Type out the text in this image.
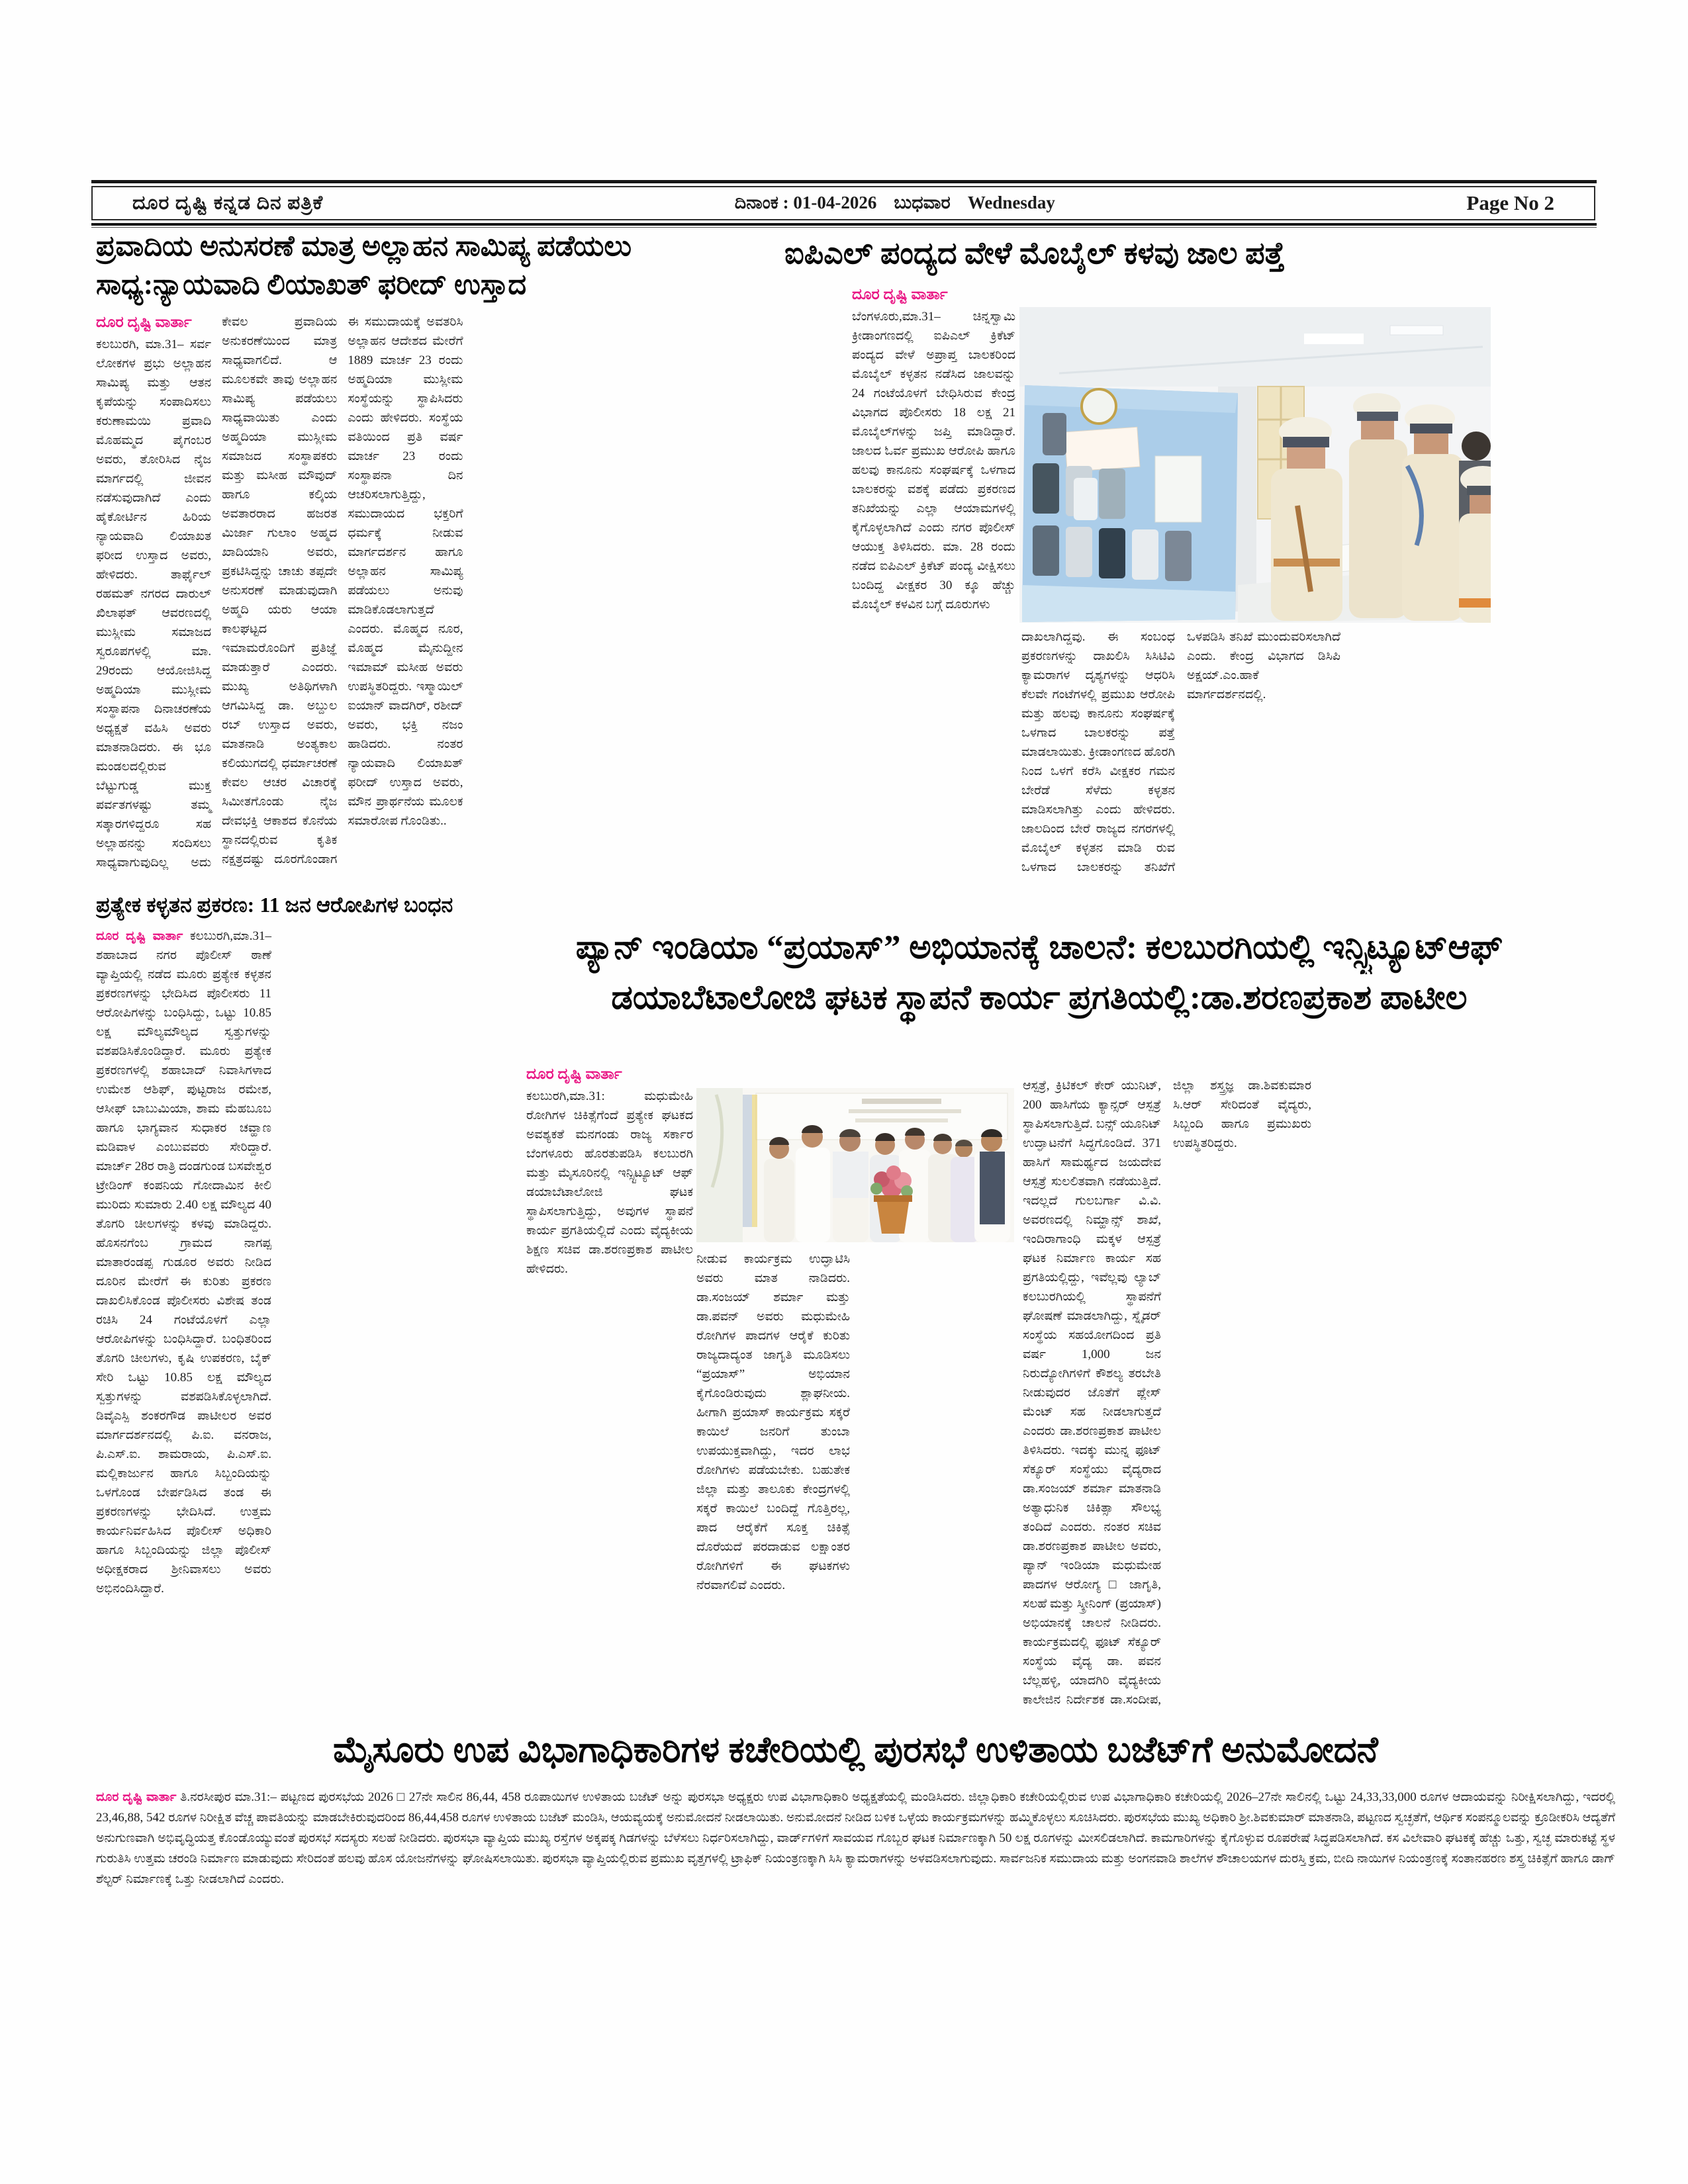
ದೂರ ದೃಷ್ಟಿ ಕನ್ನಡ ದಿನ ಪತ್ರಿಕೆ	ದಿನಾಂಕ : 01-04-2026 ಬುಧವಾರ Wednesday	Page No 2
ಪ್ರವಾದಿಯ ಅನುಸರಣೆ ಮಾತ್ರ ಅಲ್ಲಾಹನ ಸಾಮಿಪ್ಯ ಪಡೆಯಲು
ಸಾಧ್ಯ:ನ್ಯಾಯವಾದಿ ಲಿಯಾಖತ್ ಫರೀದ್ ಉಸ್ತಾದ
ದೂರ ದೃಷ್ಟಿ ವಾರ್ತಾ

ಕಲಬುರಗಿ, ಮಾ.31– ಸರ್ವ ಲೋಕಗಳ ಪ್ರಭು ಅಲ್ಲಾಹನ ಸಾಮಿಪ್ಯ ಮತ್ತು ಆತನ ಕೃಪೆಯನ್ನು ಸಂಪಾದಿಸಲು ಕರುಣಾಮಯಿ ಪ್ರವಾದಿ ಮೊಹಮ್ಮದ ಪೈಗಂಬರ ಅವರು, ತೋರಿಸಿದ ನೈಜ ಮಾರ್ಗದಲ್ಲಿ ಜೀವನ ನಡೆಸುವುದಾಗಿದೆ ಎಂದು ಹೈಕೋರ್ಟಿನ ಹಿರಿಯ ನ್ಯಾಯವಾದಿ ಲಿಯಾಖತ ಫರೀದ ಉಸ್ತಾದ ಅವರು, ಹೇಳಿದರು. ತಾರ್ಫೈಲ್ ರಹಮತ್ ನಗರದ ದಾರುಲ್ ಖಿಲಾಫತ್ ಆವರಣದಲ್ಲಿ ಮುಸ್ಲೀಮ ಸಮಾಜದ ಸ್ವರೂಪಗಳಲ್ಲಿ ಮಾ. 29ರಂದು ಆಯೋಜಿಸಿದ್ದ ಅಹ್ಮದಿಯಾ ಮುಸ್ಲೀಮ ಸಂಸ್ಥಾಪನಾ ದಿನಾಚರಣೆಯ ಅಧ್ಯಕ್ಷತೆ ವಹಿಸಿ ಅವರು ಮಾತನಾಡಿದರು. ಈ ಭೂ ಮಂಡಲದಲ್ಲಿರುವ ಬೆಟ್ಟುಗುಡ್ಡ ಮುಕ್ತ ಪರ್ವತಗಳಷ್ಟು ತಮ್ಮ ಸತ್ಕಾರಗಳಿದ್ದರೂ ಸಹ ಅಲ್ಲಾಹನನ್ನು ಸಂದಿಸಲು ಸಾಧ್ಯವಾಗುವುದಿಲ್ಲ ಅದು ಕೇವಲ ಪ್ರವಾದಿಯ ಅನುಕರಣೆಯಿಂದ ಮಾತ್ರ ಸಾಧ್ಯವಾಗಲಿದೆ. ಆ ಮೂಲಕವೇ ತಾವು ಅಲ್ಲಾಹನ ಸಾಮಿಪ್ಯ ಪಡೆಯಲು ಸಾಧ್ಯವಾಯಿತು ಎಂದು ಅಹ್ಮದಿಯಾ ಮುಸ್ಲೀಮ ಸಮಾಜದ ಸಂಸ್ಥಾಪಕರು ಮತ್ತು ಮಸೀಹ ಮೌವುದ್ ಹಾಗೂ ಕಲ್ಕಿಯ ಅವತಾರರಾದ ಹಜರತ ಮಿರ್ಜಾ ಗುಲಾಂ ಅಹ್ಮದ ಖಾದಿಯಾನಿ ಅವರು, ಪ್ರಕಟಿಸಿದ್ದನ್ನು ಚಾಚು ತಪ್ಪದೇ ಅನುಸರಣೆ ಮಾಡುವುದಾಗಿ ಅಹ್ಮದಿ ಯರು ಆಯಾ ಕಾಲಘಟ್ಟದ ಇಮಾಮರೊಂದಿಗೆ ಪ್ರತಿಜ್ಞೆ ಮಾಡುತ್ತಾರೆ ಎಂದರು. ಮುಖ್ಯ ಅತಿಥಿಗಳಾಗಿ ಆಗಮಿಸಿದ್ದ ಡಾ. ಅಬ್ದುಲ ರಬ್ ಉಸ್ತಾದ ಅವರು, ಮಾತನಾಡಿ ಅಂತ್ಯಕಾಲ ಕಲಿಯುಗದಲ್ಲಿ ಧರ್ಮಾಚರಣೆ ಕೇವಲ ಆಚರ ವಿಚಾರಕ್ಕೆ ಸಿಮೀತಗೊಂಡು ನೈಜ ದೇವಭಕ್ತಿ ಆಕಾಶದ ಕೊನೆಯ ಸ್ಥಾನದಲ್ಲಿರುವ ಕೃತಿಕ ನಕ್ಷತ್ರದಷ್ಟು ದೂರಗೊಂಡಾಗ ಈ ಸಮುದಾಯಕ್ಕೆ ಅವತರಿಸಿ ಅಲ್ಲಾಹನ ಆದೇಶದ ಮೇರೆಗೆ 1889 ಮಾರ್ಚ 23 ರಂದು ಅಹ್ಮದಿಯಾ ಮುಸ್ಲೀಮ ಸಂಸ್ಥೆಯನ್ನು ಸ್ಥಾಪಿಸಿದರು ಎಂದು ಹೇಳಿದರು. ಸಂಸ್ಥೆಯ ವತಿಯಿಂದ ಪ್ರತಿ ವರ್ಷ ಮಾರ್ಚ 23 ರಂದು ಸಂಸ್ಥಾಪನಾ ದಿನ ಆಚರಿಸಲಾಗುತ್ತಿದ್ದು, ಸಮುದಾಯದ ಭಕ್ತರಿಗೆ ಧರ್ಮಕ್ಕೆ ನೀಡುವ ಮಾರ್ಗದರ್ಶನ ಹಾಗೂ ಅಲ್ಲಾಹನ ಸಾಮಿಪ್ಯ ಪಡೆಯಲು ಅನುವು ಮಾಡಿಕೊಡಲಾಗುತ್ತದೆ ಎಂದರು. ಮೊಹ್ಮದ ನೂರ, ಮೊಹ್ಮದ ಮೈನುದ್ದೀನ ಇಮಾಮ್ ಮಸೀಹ ಅವರು ಉಪಸ್ಥಿತರಿದ್ದರು. ಇಸ್ಮಾಯಿಲ್ ಐಯಾನ್ ವಾದಗಿರ್, ರಶೀದ್ ಅವರು, ಭಕ್ತಿ ನಜಂ ಹಾಡಿದರು. ನಂತರ ನ್ಯಾಯವಾದಿ ಲಿಯಾಖತ್ ಫರೀದ್ ಉಸ್ತಾದ ಅವರು, ಮೌನ ಪ್ರಾರ್ಥನೆಯ ಮೂಲಕ ಸಮಾರೋಪ ಗೊಂಡಿತು..

ಐಪಿಎಲ್ ಪಂದ್ಯದ ವೇಳೆ ಮೊಬೈಲ್ ಕಳವು ಜಾಲ ಪತ್ತೆ
ದೂರ ದೃಷ್ಟಿ ವಾರ್ತಾ

ಬೆಂಗಳೂರು,ಮಾ.31– ಚಿನ್ನಸ್ವಾಮಿ ಕ್ರೀಡಾಂಗಣದಲ್ಲಿ ಐಪಿಎಲ್ ಕ್ರಿಕೆಟ್ ಪಂದ್ಯದ ವೇಳೆ ಅಪ್ರಾಪ್ತ ಬಾಲಕರಿಂದ ಮೊಬೈಲ್ ಕಳ್ಳತನ ನಡೆಸಿದ ಜಾಲವನ್ನು 24 ಗಂಟೆಯೊಳಗೆ ಬೇಧಿಸಿರುವ ಕೇಂದ್ರ ವಿಭಾಗದ ಪೊಲೀಸರು 18 ಲಕ್ಷ 21 ಮೊಬೈಲ್‌ಗಳನ್ನು ಜಪ್ತಿ ಮಾಡಿದ್ದಾರೆ. ಜಾಲದ ಓರ್ವ ಪ್ರಮುಖ ಆರೋಪಿ ಹಾಗೂ ಹಲವು ಕಾನೂನು ಸಂಘರ್ಷಕ್ಕೆ ಒಳಗಾದ ಬಾಲಕರನ್ನು ವಶಕ್ಕೆ ಪಡೆದು ಪ್ರಕರಣದ ತನಿಖೆಯನ್ನು ಎಲ್ಲಾ ಆಯಾಮಗಳಲ್ಲಿ ಕೈಗೊಳ್ಳಲಾಗಿದೆ ಎಂದು ನಗರ ಪೊಲೀಸ್ ಆಯುಕ್ತ ತಿಳಿಸಿದರು. ಮಾ. 28 ರಂದು ನಡೆದ ಐಪಿಎಲ್ ಕ್ರಿಕೆಟ್ ಪಂದ್ಯ ವೀಕ್ಷಿಸಲು ಬಂದಿದ್ದ ವೀಕ್ಷಕರ 30 ಕ್ಕೂ ಹೆಚ್ಚು ಮೊಬೈಲ್ ಕಳವಿನ ಬಗ್ಗೆ ದೂರುಗಳು

ದಾಖಲಾಗಿದ್ದವು. ಈ ಸಂಬಂಧ ಪ್ರಕರಣಗಳನ್ನು ದಾಖಲಿಸಿ ಸಿಸಿಟಿವಿ ಕ್ಯಾಮರಾಗಳ ದೃಶ್ಯಗಳನ್ನು ಆಧರಿಸಿ ಕೆಲವೇ ಗಂಟೆಗಳಲ್ಲಿ ಪ್ರಮುಖ ಆರೋಪಿ ಮತ್ತು ಹಲವು ಕಾನೂನು ಸಂಘರ್ಷಕ್ಕೆ ಒಳಗಾದ ಬಾಲಕರನ್ನು ಪತ್ತೆ ಮಾಡಲಾಯಿತು. ಕ್ರೀಡಾಂಗಣದ ಹೊರಗಿ ನಿಂದ ಒಳಗೆ ಕರೆಸಿ ವೀಕ್ಷಕರ ಗಮನ ಬೇರೆಡೆ ಸೆಳೆದು ಕಳ್ಳತನ ಮಾಡಿಸಲಾಗಿತ್ತು ಎಂದು ಹೇಳಿದರು. ಜಾಲದಿಂದ ಬೇರೆ ರಾಜ್ಯದ ನಗರಗಳಲ್ಲಿ ಮೊಬೈಲ್ ಕಳ್ಳತನ ಮಾಡಿ ರುವ ಒಳಗಾದ ಬಾಲಕರನ್ನು ತನಿಖೆಗೆ ಒಳಪಡಿಸಿ ತನಿಖೆ ಮುಂದುವರಿಸಲಾಗಿದೆ ಎಂದು. ಕೇಂದ್ರ ವಿಭಾಗದ ಡಿಸಿಪಿ ಅಕ್ಷಯ್.ಎಂ.ಹಾಕೆ ಮಾರ್ಗದರ್ಶನದಲ್ಲಿ.

ಪ್ರತ್ಯೇಕ ಕಳ್ಳತನ ಪ್ರಕರಣ: 11 ಜನ ಆರೋಪಿಗಳ ಬಂಧನ

ದೂರ ದೃಷ್ಟಿ ವಾರ್ತಾ ಕಲಬುರಗಿ,ಮಾ.31–ಶಹಾಬಾದ ನಗರ ಪೊಲೀಸ್ ಠಾಣೆ ವ್ಯಾಪ್ತಿಯಲ್ಲಿ ನಡೆದ ಮೂರು ಪ್ರತ್ಯೇಕ ಕಳ್ಳತನ ಪ್ರಕರಣಗಳನ್ನು ಭೇದಿಸಿದ ಪೊಲೀಸರು 11 ಆರೋಪಿಗಳನ್ನು ಬಂಧಿಸಿದ್ದು, ಒಟ್ಟು 10.85 ಲಕ್ಷ ಮೌಲ್ಯಮೌಲ್ಯದ ಸ್ವತ್ತುಗಳನ್ನು ವಶಪಡಿಸಿಕೊಂಡಿದ್ದಾರೆ. ಮೂರು ಪ್ರತ್ಯೇಕ ಪ್ರಕರಣಗಳಲ್ಲಿ ಶಹಾಬಾದ್ ನಿವಾಸಿಗಳಾದ ಉಮೇಶ ಆಶಿಫ್, ಪುಟ್ಟರಾಜ ರಮೇಶ, ಆಸೀಫ್ ಬಾಬುಮಿಯಾ, ಶಾಮ ಮೆಹಬೂಬ ಹಾಗೂ ಭಾಗ್ಯವಾನ ಸುಧಾಕರ ಚವ್ಹಾಣ ಮಡಿವಾಳ ಎಂಬುವವರು ಸೇರಿದ್ದಾರೆ. ಮಾರ್ಚ್ 28ರ ರಾತ್ರಿ ದಂಡಗುಂಡ ಬಸವೇಶ್ವರ ಟ್ರೇಡಿಂಗ್ ಕಂಪನಿಯ ಗೋದಾಮಿನ ಕೀಲಿ ಮುರಿದು ಸುಮಾರು 2.40 ಲಕ್ಷ ಮೌಲ್ಯದ 40 ತೊಗರಿ ಚೀಲಗಳನ್ನು ಕಳವು ಮಾಡಿದ್ದರು. ಹೊಸನಗೆಂಬ ಗ್ರಾಮದ ನಾಗಪ್ಪ ಮಾತಾರಂಡಪ್ಪ ಗುಡೂರ ಅವರು ನೀಡಿದ ದೂರಿನ ಮೇರೆಗೆ ಈ ಕುರಿತು ಪ್ರಕರಣ ದಾಖಲಿಸಿಕೊಂಡ ಪೊಲೀಸರು ವಿಶೇಷ ತಂಡ ರಚಿಸಿ 24 ಗಂಟೆಯೊಳಗೆ ಎಲ್ಲಾ ಆರೋಪಿಗಳನ್ನು ಬಂಧಿಸಿದ್ದಾರೆ. ಬಂಧಿತರಿಂದ ತೊಗರಿ ಚೀಲಗಳು, ಕೃಷಿ ಉಪಕರಣ, ಬೈಕ್ ಸೇರಿ ಒಟ್ಟು 10.85 ಲಕ್ಷ ಮೌಲ್ಯದ ಸ್ವತ್ತುಗಳನ್ನು ವಶಪಡಿಸಿಕೊಳ್ಳಲಾಗಿದೆ. ಡಿವೈಎಸ್ಪಿ ಶಂಕರಗೌಡ ಪಾಟೀಲರ ಅವರ ಮಾರ್ಗದರ್ಶನದಲ್ಲಿ ಪಿ.ಐ. ವನರಾಜ, ಪಿ.ಎಸ್.ಐ. ಶಾಮರಾಯ, ಪಿ.ಎಸ್.ಐ. ಮಲ್ಲಿಕಾರ್ಜುನ ಹಾಗೂ ಸಿಬ್ಬಂದಿಯನ್ನು ಒಳಗೊಂಡ ಬೇರ್ಪಡಿಸಿದ ತಂಡ ಈ ಪ್ರಕರಣಗಳನ್ನು ಭೇದಿಸಿದೆ. ಉತ್ತಮ ಕಾರ್ಯನಿರ್ವಹಿಸಿದ ಪೊಲೀಸ್ ಅಧಿಕಾರಿ ಹಾಗೂ ಸಿಬ್ಬಂದಿಯನ್ನು ಜಿಲ್ಲಾ ಪೊಲೀಸ್ ಅಧೀಕ್ಷಕರಾದ ಶ್ರೀನಿವಾಸಲು ಅವರು ಅಭಿನಂದಿಸಿದ್ದಾರೆ.

ಪ್ಯಾನ್ ಇಂಡಿಯಾ “ಪ್ರಯಾಸ್” ಅಭಿಯಾನಕ್ಕೆ ಚಾಲನೆ: ಕಲಬುರಗಿಯಲ್ಲಿ ಇನ್ಸ್ಟಿಟ್ಯೂಟ್‌ಆಫ್
ಡಯಾಬೆಟಾಲೋಜಿ ಘಟಕ ಸ್ಥಾಪನೆ ಕಾರ್ಯ ಪ್ರಗತಿಯಲ್ಲಿ:ಡಾ.ಶರಣಪ್ರಕಾಶ ಪಾಟೀಲ
ದೂರ ದೃಷ್ಟಿ ವಾರ್ತಾ

ಕಲಬುರಗಿ,ಮಾ.31: ಮಧುಮೇಹಿ ರೋಗಿಗಳ ಚಿಕಿತ್ಸೆಗೆಂದೆ ಪ್ರತ್ಯೇಕ ಘಟಕದ ಅವಶ್ಯಕತೆ ಮನಗಂಡು ರಾಜ್ಯ ಸರ್ಕಾರ ಬೆಂಗಳೂರು ಹೊರತುಪಡಿಸಿ ಕಲಬುರಗಿ ಮತ್ತು ಮೈಸೂರಿನಲ್ಲಿ ಇನ್ಸ್ಟಿಟ್ಯೂಟ್ ಆಫ್ ಡಯಾಬೆಟಾಲೋಜಿ ಘಟಕ ಸ್ಥಾಪಿಸಲಾಗುತ್ತಿದ್ದು, ಅವುಗಳ ಸ್ಥಾಪನೆ ಕಾರ್ಯ ಪ್ರಗತಿಯಲ್ಲಿದೆ ಎಂದು ವೈದ್ಯಕೀಯ ಶಿಕ್ಷಣ ಸಚಿವ ಡಾ.ಶರಣಪ್ರಕಾಶ ಪಾಟೀಲ ಹೇಳಿದರು.

ನೀಡುವ ಕಾರ್ಯಕ್ರಮ ಉದ್ಘಾಟಿಸಿ ಅವರು ಮಾತ ನಾಡಿದರು. ಡಾ.ಸಂಜಯ್ ಶರ್ಮಾ ಮತ್ತು ಡಾ.ಪವನ್ ಅವರು ಮಧುಮೇಹಿ ರೋಗಿಗಳ ಪಾದಗಳ ಆರೈಕೆ ಕುರಿತು ರಾಜ್ಯದಾದ್ಯಂತ ಜಾಗೃತಿ ಮೂಡಿಸಲು “ಪ್ರಯಾಸ್” ಅಭಿಯಾನ ಕೈಗೊಂಡಿರುವುದು ಶ್ಲಾಘನೀಯ. ಹೀಗಾಗಿ ಪ್ರಯಾಸ್ ಕಾರ್ಯಕ್ರಮ ಸಕ್ಕರೆ ಕಾಯಿಲೆ ಜನರಿಗೆ ತುಂಬಾ ಉಪಯುಕ್ತವಾಗಿದ್ದು, ಇದರ ಲಾಭ ರೋಗಿಗಳು ಪಡೆಯಬೇಕು. ಬಹುತೇಕ ಜಿಲ್ಲಾ ಮತ್ತು ತಾಲೂಕು ಕೇಂದ್ರಗಳಲ್ಲಿ ಸಕ್ಕರೆ ಕಾಯಿಲೆ ಬಂದಿದ್ದೆ ಗೊತ್ತಿರಲ್ಲ, ಪಾದ ಆರೈಕೆಗೆ ಸೂಕ್ತ ಚಿಕಿತ್ಸೆ ದೊರೆಯದೆ ಪರದಾಡುವ ಲಕ್ಷಾಂತರ ರೋಗಿಗಳಿಗೆ ಈ ಘಟಕಗಳು ನೆರವಾಗಲಿವೆ ಎಂದರು.

ಆಸ್ಪತ್ರೆ, ಕ್ರಿಟಿಕಲ್ ಕೇರ್ ಯುನಿಟ್, 200 ಹಾಸಿಗೆಯ ಕ್ಯಾನ್ಸರ್ ಆಸ್ಪತ್ರೆ ಸ್ಥಾಪಿಸಲಾಗುತ್ತಿದೆ. ಬನ್ಸ್ ಯೂನಿಟ್ ಉದ್ಘಾಟನೆಗೆ ಸಿದ್ಧಗೊಂಡಿದೆ. 371 ಹಾಸಿಗೆ ಸಾಮರ್ಥ್ಯದ ಜಯದೇವ ಆಸ್ಪತ್ರೆ ಸುಲಲಿತವಾಗಿ ನಡೆಯುತ್ತಿದೆ. ಇದಲ್ಲದೆ ಗುಲಬರ್ಗಾ ವಿ.ವಿ. ಅವರಣದಲ್ಲಿ ನಿಮ್ಹಾನ್ಸ್ ಶಾಖೆ, ಇಂದಿರಾಗಾಂಧಿ ಮಕ್ಕಳ ಆಸ್ಪತ್ರೆ ಘಟಕ ನಿರ್ಮಾಣ ಕಾರ್ಯ ಸಹ ಪ್ರಗತಿಯಲ್ಲಿದ್ದು, ಇವೆಲ್ಲವು ಲ್ಯಾಬ್ ಕಲಬುರಗಿಯಲ್ಲಿ ಸ್ಥಾಪನೆಗೆ ಘೋಷಣೆ ಮಾಡಲಾಗಿದ್ದು, ಸ್ನೈಡರ್ ಸಂಸ್ಥೆಯ ಸಹಯೋಗದಿಂದ ಪ್ರತಿ ವರ್ಷ 1,000 ಜನ ನಿರುದ್ಯೋಗಿಗಳಿಗೆ ಕೌಶಲ್ಯ ತರಬೇತಿ ನೀಡುವುದರ ಜೊತೆಗೆ ಪ್ಲೇಸ್ ಮೆಂಟ್ ಸಹ ನೀಡಲಾಗುತ್ತದೆ ಎಂದರು ಡಾ.ಶರಣಪ್ರಕಾಶ ಪಾಟೀಲ ತಿಳಿಸಿದರು. ಇದಕ್ಕು ಮುನ್ನ ಫೂಟ್ ಸೆಕ್ಯೂರ್ ಸಂಸ್ಥೆಯು ವೈದ್ಯರಾದ ಡಾ.ಸಂಜಯ್ ಶರ್ಮಾ ಮಾತನಾಡಿ ಅತ್ಯಾಧುನಿಕ ಚಿಕಿತ್ಸಾ ಸೌಲಭ್ಯ ತಂದಿದೆ ಎಂದರು. ನಂತರ ಸಚಿವ ಡಾ.ಶರಣಪ್ರಕಾಶ ಪಾಟೀಲ ಅವರು, ಪ್ಯಾನ್ ಇಂಡಿಯಾ ಮಧುಮೇಹ ಪಾದಗಳ ಆರೋಗ್ಯ □ ಜಾಗೃತಿ, ಸಲಹೆ ಮತ್ತು ಸ್ಕ್ರೀನಿಂಗ್ (ಪ್ರಯಾಸ್) ಅಭಿಯಾನಕ್ಕೆ ಚಾಲನೆ ನೀಡಿದರು. ಕಾರ್ಯಕ್ರಮದಲ್ಲಿ ಫೂಟ್ ಸೆಕ್ಯೂರ್ ಸಂಸ್ಥೆಯ ವೈದ್ಯ ಡಾ. ಪವನ ಬೆಲ್ಲಹಳ್ಳಿ, ಯಾದಗಿರಿ ವೈದ್ಯಕೀಯ ಕಾಲೇಜಿನ ನಿರ್ದೇಶಕ ಡಾ.ಸಂದೀಪ, ಜಿಲ್ಲಾ ಶಸ್ತ್ರಜ್ಞ ಡಾ.ಶಿವಕುಮಾರ ಸಿ.ಆರ್ ಸೇರಿದಂತೆ ವೈದ್ಯರು, ಸಿಬ್ಬಂದಿ ಹಾಗೂ ಪ್ರಮುಖರು ಉಪಸ್ಥಿತರಿದ್ದರು.

ಮೈಸೂರು ಉಪ ವಿಭಾಗಾಧಿಕಾರಿಗಳ ಕಚೇರಿಯಲ್ಲಿ ಪುರಸಭೆ ಉಳಿತಾಯ ಬಜೆಟ್‌ಗೆ ಅನುಮೋದನೆ

ದೂರ ದೃಷ್ಟಿ ವಾರ್ತಾ ತಿ.ನರಸೀಪುರ ಮಾ.31:– ಪಟ್ಟಣದ ಪುರಸಭೆಯ 2026 □ 27ನೇ ಸಾಲಿನ 86,44, 458 ರೂಪಾಯಿಗಳ ಉಳಿತಾಯ ಬಜೆಟ್ ಅನ್ನು ಪುರಸಭಾ ಅಧ್ಯಕ್ಷರು ಉಪ ವಿಭಾಗಾಧಿಕಾರಿ ಅಧ್ಯಕ್ಷತೆಯಲ್ಲಿ ಮಂಡಿಸಿದರು. ಜಿಲ್ಲಾಧಿಕಾರಿ ಕಚೇರಿಯಲ್ಲಿರುವ ಉಪ ವಿಭಾಗಾಧಿಕಾರಿ ಕಚೇರಿಯಲ್ಲಿ 2026–27ನೇ ಸಾಲಿನಲ್ಲಿ ಒಟ್ಟು 24,33,33,000 ರೂಗಳ ಆದಾಯವನ್ನು ನಿರೀಕ್ಷಿಸಲಾಗಿದ್ದು, ಇದರಲ್ಲಿ 23,46,88, 542 ರೂಗಳ ನಿರೀಕ್ಷಿತ ವೆಚ್ಚ ಪಾವತಿಯನ್ನು ಮಾಡಬೇಕಿರುವುದರಿಂದ 86,44,458 ರೂಗಳ ಉಳಿತಾಯ ಬಜೆಟ್ ಮಂಡಿಸಿ, ಆಯವ್ಯಯಕ್ಕೆ ಅನುಮೋದನೆ ನೀಡಲಾಯಿತು. ಅನುಮೋದನೆ ನೀಡಿದ ಬಳಿಕ ಒಳ್ಳೆಯ ಕಾರ್ಯಕ್ರಮಗಳನ್ನು ಹಮ್ಮಿಕೊಳ್ಳಲು ಸೂಚಿಸಿದರು. ಪುರಸಭೆಯ ಮುಖ್ಯ ಅಧಿಕಾರಿ ಶ್ರೀ.ಶಿವಕುಮಾರ್ ಮಾತನಾಡಿ, ಪಟ್ಟಣದ ಸ್ವಚ್ಛತೆಗೆ, ಆರ್ಥಿಕ ಸಂಪನ್ಮೂಲವನ್ನು ಕ್ರೂಡೀಕರಿಸಿ ಆದ್ಯತೆಗೆ ಅನುಗುಣವಾಗಿ ಅಭಿವೃದ್ಧಿಯತ್ತ ಕೊಂಡೊಯ್ಯುವಂತೆ ಪುರಸಭೆ ಸದಸ್ಯರು ಸಲಹೆ ನೀಡಿದರು. ಪುರಸಭಾ ವ್ಯಾಪ್ತಿಯ ಮುಖ್ಯ ರಸ್ತೆಗಳ ಅಕ್ಕಪಕ್ಕ ಗಿಡಗಳನ್ನು ಬೆಳೆಸಲು ನಿರ್ಧರಿಸಲಾಗಿದ್ದು, ವಾರ್ಡ್‌ಗಳಿಗೆ ಸಾವಯವ ಗೊಬ್ಬರ ಘಟಕ ನಿರ್ಮಾಣಕ್ಕಾಗಿ 50 ಲಕ್ಷ ರೂಗಳನ್ನು ಮೀಸಲಿಡಲಾಗಿದೆ. ಕಾಮಗಾರಿಗಳನ್ನು ಕೈಗೊಳ್ಳುವ ರೂಪರೇಷೆ ಸಿದ್ಧಪಡಿಸಲಾಗಿದೆ. ಕಸ ವಿಲೇವಾರಿ ಘಟಕಕ್ಕೆ ಹೆಚ್ಚು ಒತ್ತು, ಸ್ವಚ್ಛ ಮಾರುಕಟ್ಟೆ ಸ್ಥಳ ಗುರುತಿಸಿ ಉತ್ತಮ ಚರಂಡಿ ನಿರ್ಮಾಣ ಮಾಡುವುದು ಸೇರಿದಂತೆ ಹಲವು ಹೊಸ ಯೋಜನೆಗಳನ್ನು ಘೋಷಿಸಲಾಯಿತು. ಪುರಸಭಾ ವ್ಯಾಪ್ತಿಯಲ್ಲಿರುವ ಪ್ರಮುಖ ವೃತ್ತಗಳಲ್ಲಿ ಟ್ರಾಫಿಕ್ ನಿಯಂತ್ರಣಕ್ಕಾಗಿ ಸಿಸಿ ಕ್ಯಾಮರಾಗಳನ್ನು ಅಳವಡಿಸಲಾಗುವುದು. ಸಾರ್ವಜನಿಕ ಸಮುದಾಯ ಮತ್ತು ಅಂಗನವಾಡಿ ಶಾಲೆಗಳ ಶೌಚಾಲಯಗಳ ದುರಸ್ತಿ ಕ್ರಮ, ಬೀದಿ ನಾಯಿಗಳ ನಿಯಂತ್ರಣಕ್ಕೆ ಸಂತಾನಹರಣ ಶಸ್ತ್ರ ಚಿಕಿತ್ಸೆಗೆ ಹಾಗೂ ಡಾಗ್ ಶೆಲ್ಟರ್ ನಿರ್ಮಾಣಕ್ಕೆ ಒತ್ತು ನೀಡಲಾಗಿದೆ ಎಂದರು.
